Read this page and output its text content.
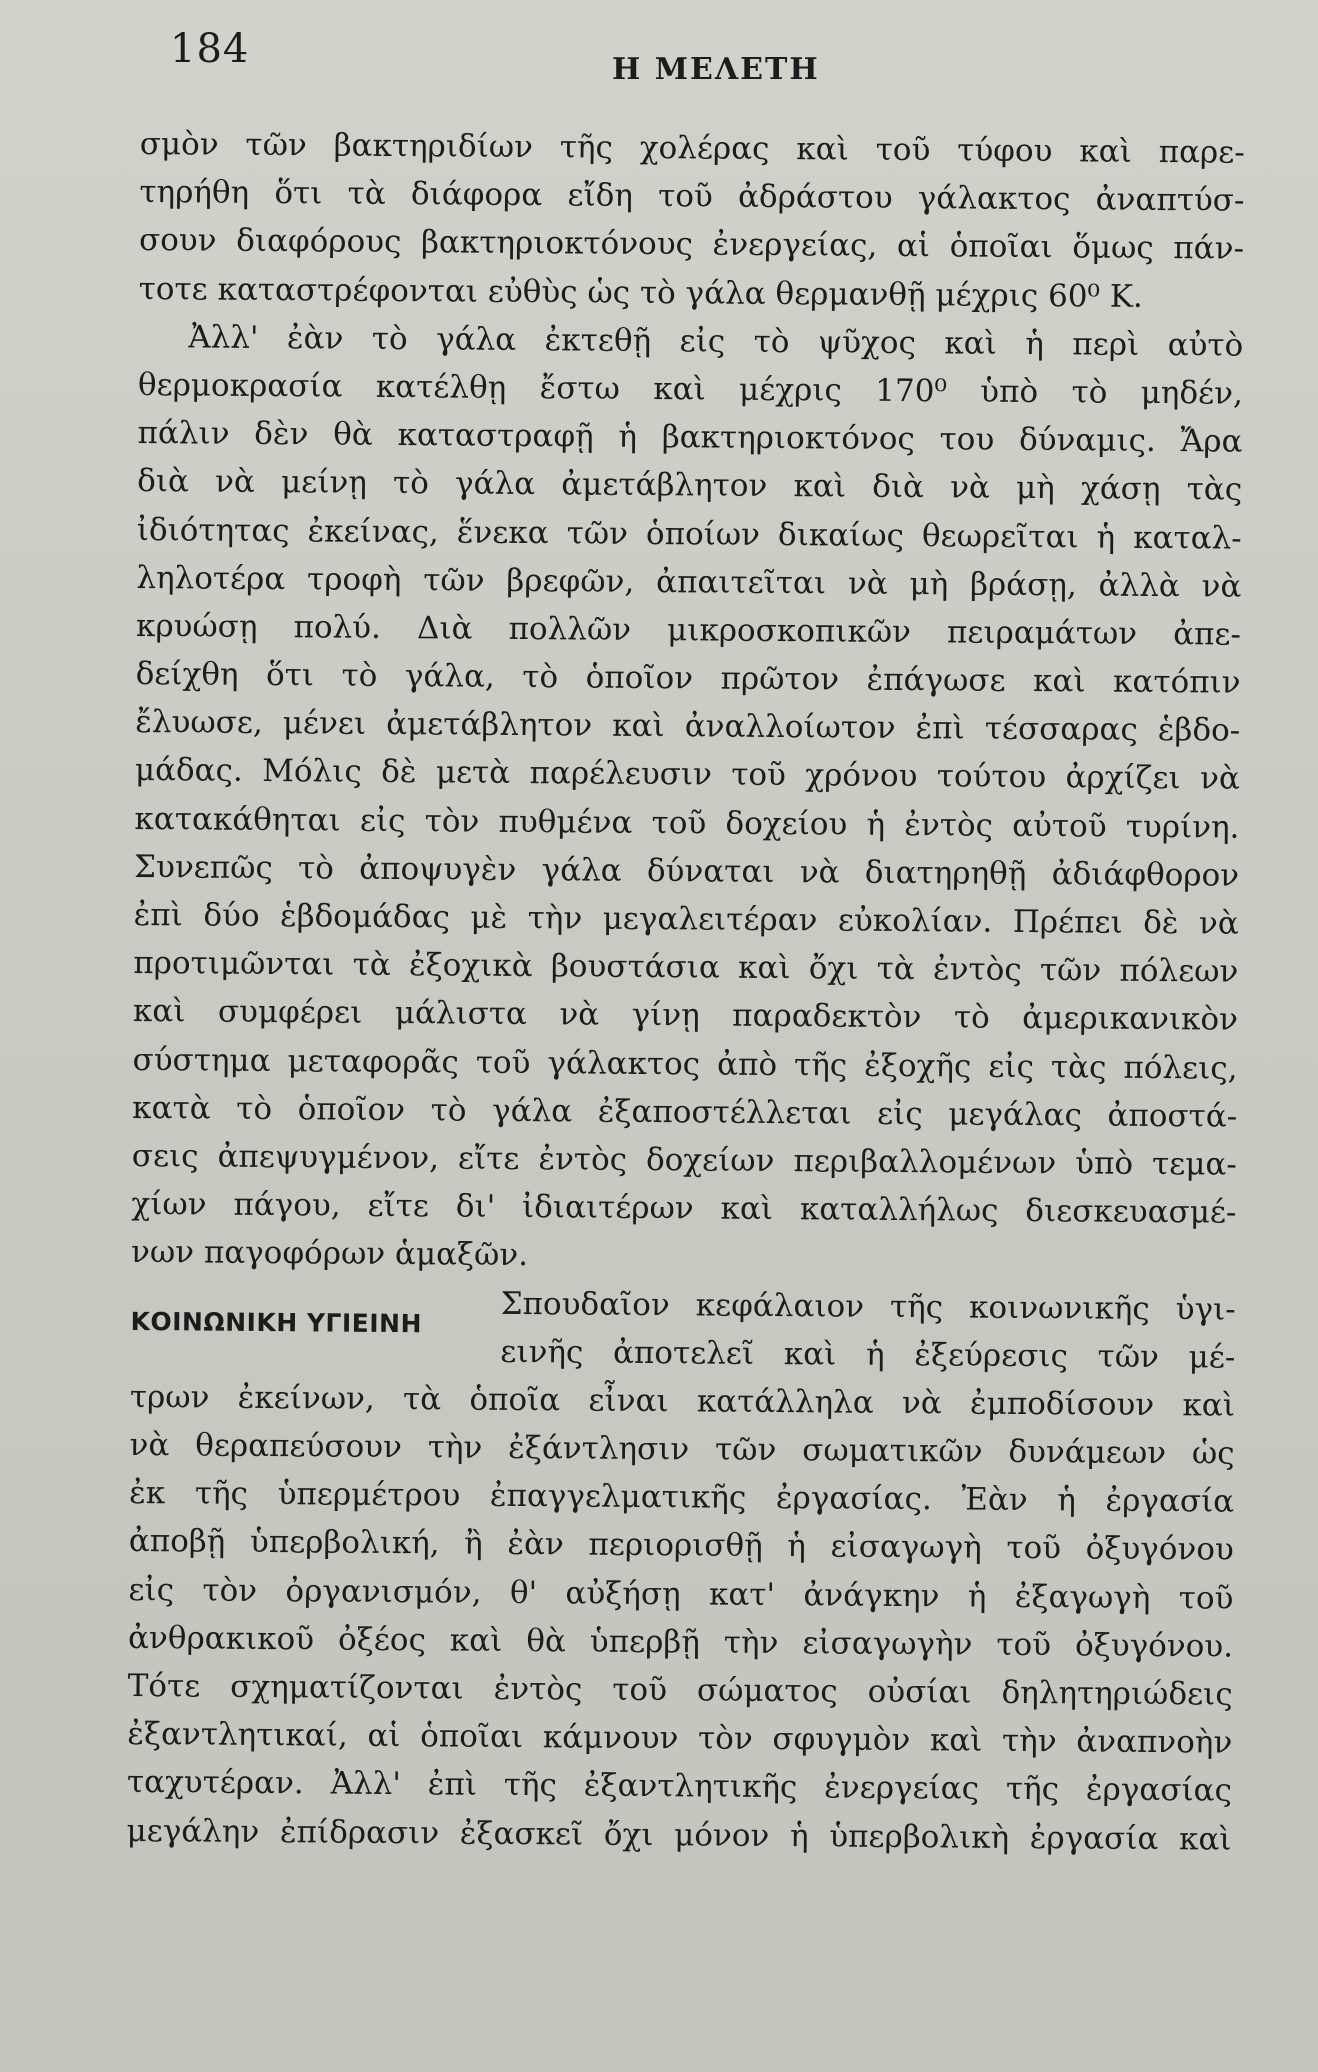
184	Η ΜΕΛΕΤΗ
σμὸν τῶν βακτηριδίων τῆς χολέρας καὶ τοῦ τύφου καὶ παρε-
τηρήθη ὅτι τὰ διάφορα εἴδη τοῦ ἀδράστου γάλακτος ἀναπτύσ-
σουν διαφόρους βακτηριοκτόνους ἐνεργείας, αἱ ὁποῖαι ὅμως πάν-
τοτε καταστρέφονται εὐθὺς ὡς τὸ γάλα θερμανθῇ μέχρις 60⁰ Κ.
Ἀλλ' ἐὰν τὸ γάλα ἐκτεθῇ εἰς τὸ ψῦχος καὶ ἡ περὶ αὐτὸ
θερμοκρασία κατέλθῃ ἔστω καὶ μέχρις 170⁰ ὑπὸ τὸ μηδέν,
πάλιν δὲν θὰ καταστραφῇ ἡ βακτηριοκτόνος του δύναμις. Ἄρα
διὰ νὰ μείνῃ τὸ γάλα ἀμετάβλητον καὶ διὰ νὰ μὴ χάσῃ τὰς
ἰδιότητας ἐκείνας, ἕνεκα τῶν ὁποίων δικαίως θεωρεῖται ἡ καταλ-
ληλοτέρα τροφὴ τῶν βρεφῶν, ἀπαιτεῖται νὰ μὴ βράσῃ, ἀλλὰ νὰ
κρυώσῃ πολύ. Διὰ πολλῶν μικροσκοπικῶν πειραμάτων ἀπε-
δείχθη ὅτι τὸ γάλα, τὸ ὁποῖον πρῶτον ἐπάγωσε καὶ κατόπιν
ἔλυωσε, μένει ἀμετάβλητον καὶ ἀναλλοίωτον ἐπὶ τέσσαρας ἑβδο-
μάδας. Μόλις δὲ μετὰ παρέλευσιν τοῦ χρόνου τούτου ἀρχίζει νὰ
κατακάθηται εἰς τὸν πυθμένα τοῦ δοχείου ἡ ἐντὸς αὐτοῦ τυρίνη.
Συνεπῶς τὸ ἀποψυγὲν γάλα δύναται νὰ διατηρηθῇ ἀδιάφθορον
ἐπὶ δύο ἑβδομάδας μὲ τὴν μεγαλειτέραν εὐκολίαν. Πρέπει δὲ νὰ
προτιμῶνται τὰ ἐξοχικὰ βουστάσια καὶ ὄχι τὰ ἐντὸς τῶν πόλεων
καὶ συμφέρει μάλιστα νὰ γίνῃ παραδεκτὸν τὸ ἀμερικανικὸν
σύστημα μεταφορᾶς τοῦ γάλακτος ἀπὸ τῆς ἐξοχῆς εἰς τὰς πόλεις,
κατὰ τὸ ὁποῖον τὸ γάλα ἐξαποστέλλεται εἰς μεγάλας ἀποστά-
σεις ἀπεψυγμένον, εἴτε ἐντὸς δοχείων περιβαλλομένων ὑπὸ τεμα-
χίων πάγου, εἴτε δι' ἰδιαιτέρων καὶ καταλλήλως διεσκευασμέ-
νων παγοφόρων ἁμαξῶν.
ΚΟΙΝΩΝΙΚΗ ΥΓΙΕΙΝΗ	Σπουδαῖον κεφάλαιον τῆς κοινωνικῆς ὑγι-
εινῆς ἀποτελεῖ καὶ ἡ ἐξεύρεσις τῶν μέ-
τρων ἐκείνων, τὰ ὁποῖα εἶναι κατάλληλα νὰ ἐμποδίσουν καὶ
νὰ θεραπεύσουν τὴν ἐξάντλησιν τῶν σωματικῶν δυνάμεων ὡς
ἐκ τῆς ὑπερμέτρου ἐπαγγελματικῆς ἐργασίας. Ἐὰν ἡ ἐργασία
ἀποβῇ ὑπερβολική, ἢ ἐὰν περιορισθῇ ἡ εἰσαγωγὴ τοῦ ὀξυγόνου
εἰς τὸν ὀργανισμόν, θ' αὐξήσῃ κατ' ἀνάγκην ἡ ἐξαγωγὴ τοῦ
ἀνθρακικοῦ ὀξέος καὶ θὰ ὑπερβῇ τὴν εἰσαγωγὴν τοῦ ὀξυγόνου.
Τότε σχηματίζονται ἐντὸς τοῦ σώματος οὐσίαι δηλητηριώδεις
ἐξαντλητικαί, αἱ ὁποῖαι κάμνουν τὸν σφυγμὸν καὶ τὴν ἀναπνοὴν
ταχυτέραν. Ἀλλ' ἐπὶ τῆς ἐξαντλητικῆς ἐνεργείας τῆς ἐργασίας
μεγάλην ἐπίδρασιν ἐξασκεῖ ὄχι μόνον ἡ ὑπερβολικὴ ἐργασία καὶ
